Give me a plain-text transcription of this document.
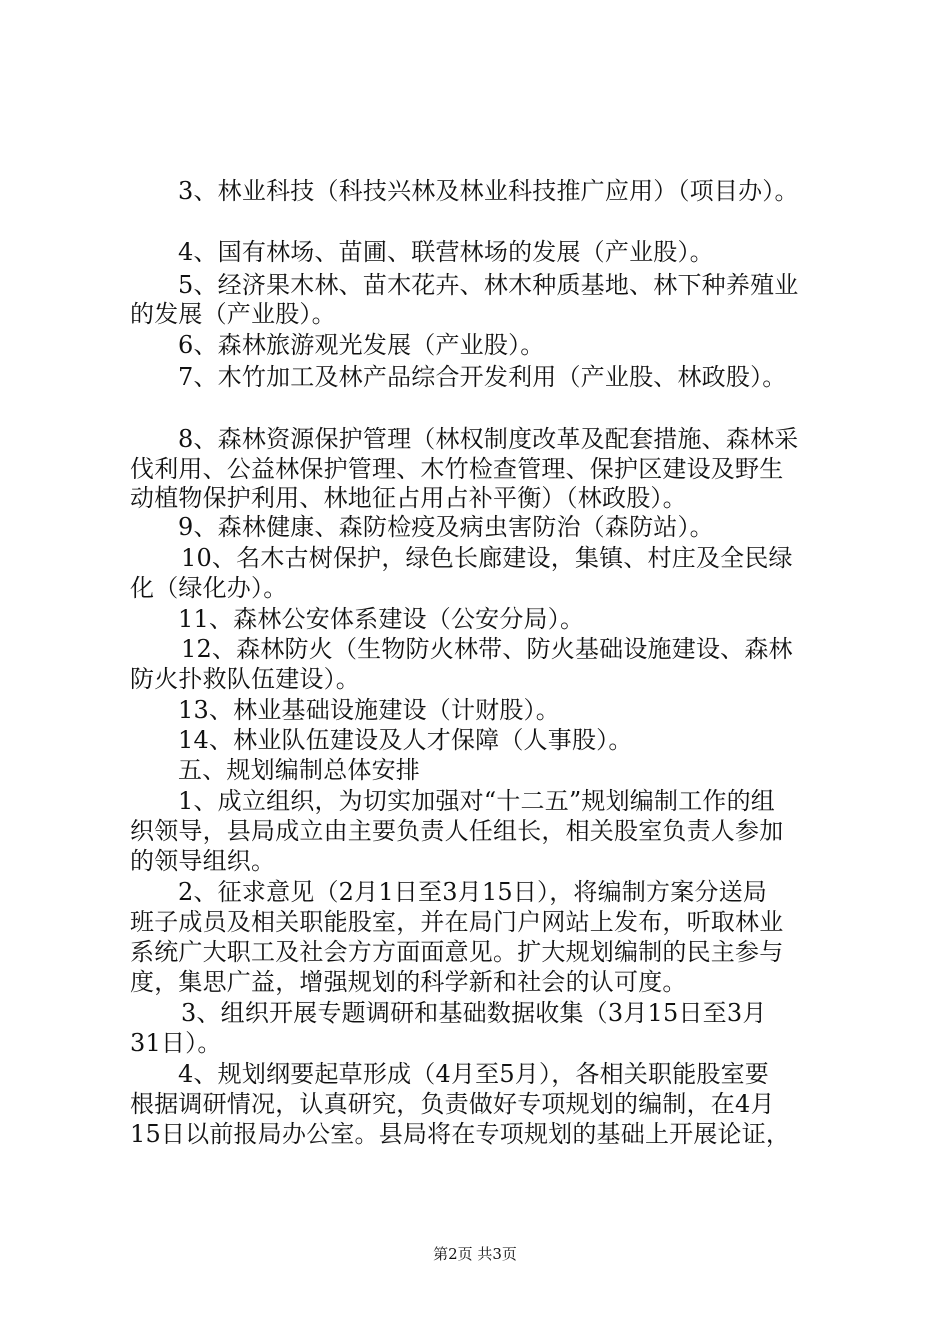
3、林业科技（科技兴林及林业科技推广应用）（项目办）。
4、国有林场、苗圃、联营林场的发展（产业股）。
5、经济果木林、苗木花卉、林木种质基地、林下种养殖业
的发展（产业股）。
6、森林旅游观光发展（产业股）。
7、木竹加工及林产品综合开发利用（产业股、林政股）。
8、森林资源保护管理（林权制度改革及配套措施、森林采
伐利用、公益林保护管理、木竹检查管理、保护区建设及野生
动植物保护利用、林地征占用占补平衡）（林政股）。
9、森林健康、森防检疫及病虫害防治（森防站）。
10、名木古树保护，绿色长廊建设，集镇、村庄及全民绿
化（绿化办）。
11、森林公安体系建设（公安分局）。
12、森林防火（生物防火林带、防火基础设施建设、森林
防火扑救队伍建设）。
13、林业基础设施建设（计财股）。
14、林业队伍建设及人才保障（人事股）。
五、规划编制总体安排
1、成立组织，为切实加强对“十二五”规划编制工作的组
织领导，县局成立由主要负责人任组长，相关股室负责人参加
的领导组织。
2、征求意见（2月1日至3月15日），将编制方案分送局
班子成员及相关职能股室，并在局门户网站上发布，听取林业
系统广大职工及社会方方面面意见。扩大规划编制的民主参与
度，集思广益，增强规划的科学新和社会的认可度。
3、组织开展专题调研和基础数据收集（3月15日至3月
31日）。
4、规划纲要起草形成（4月至5月），各相关职能股室要
根据调研情况，认真研究，负责做好专项规划的编制，在4月
15日以前报局办公室。县局将在专项规划的基础上开展论证，
第2页 共3页
